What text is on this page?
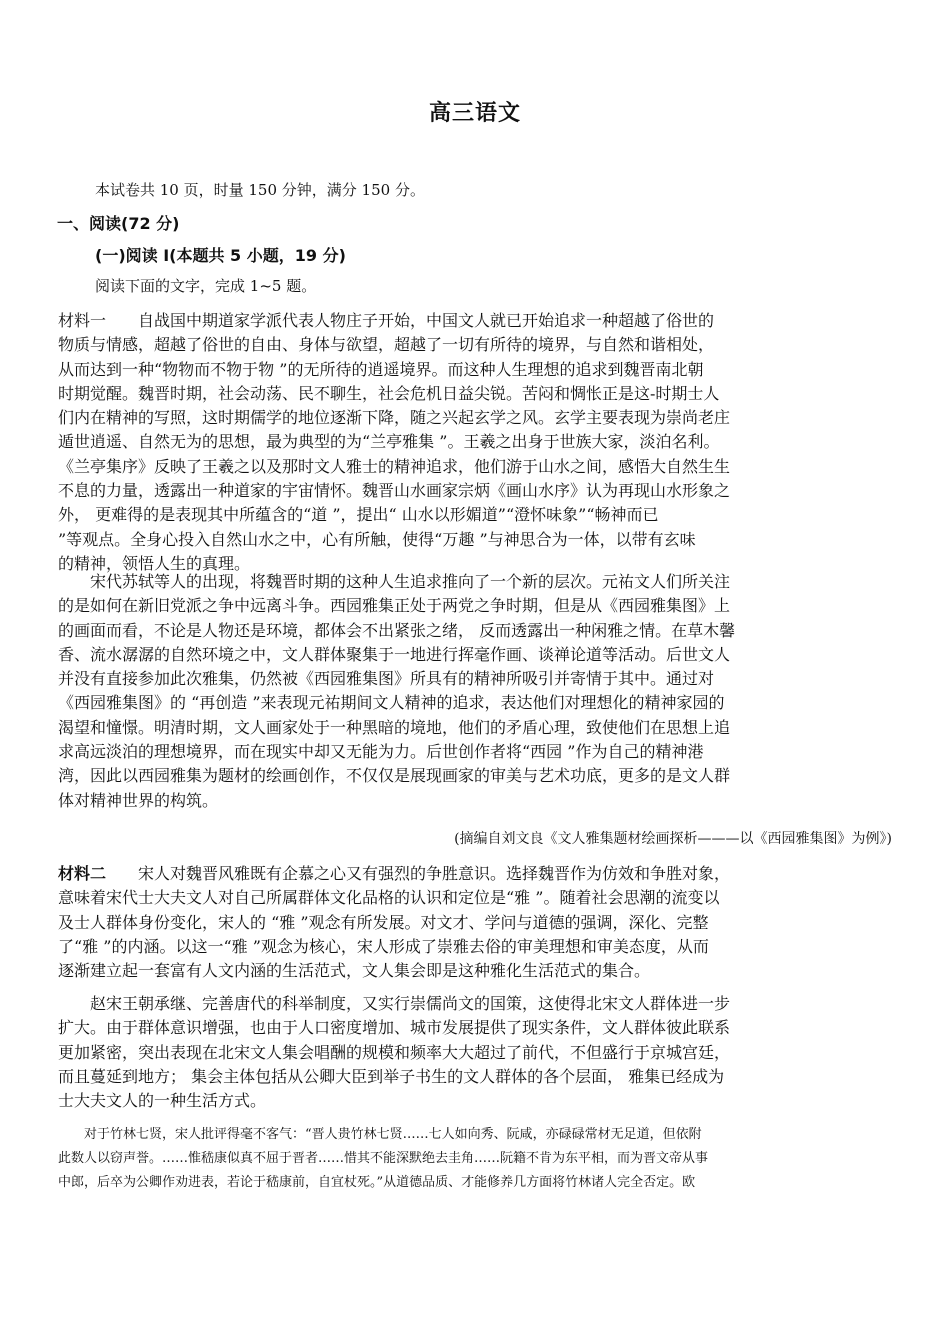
高三语文

本试卷共 10 页，时量 150 分钟，满分 150 分。

一、阅读(72 分)

(一)阅读 Ⅰ(本题共 5 小题，19 分)

阅读下面的文字，完成 1~5 题。

材料一　　自战国中期道家学派代表人物庄子开始，中国文人就已开始追求一种超越了俗世的
物质与情感，超越了俗世的自由、身体与欲望，超越了一切有所待的境界，与自然和谐相处，
从而达到一种“物物而不物于物 ”的无所待的逍遥境界。而这种人生理想的追求到魏晋南北朝
时期觉醒。魏晋时期，社会动荡、民不聊生，社会危机日益尖锐。苦闷和惆怅正是这-时期士人
们内在精神的写照，这时期儒学的地位逐渐下降，随之兴起玄学之风。玄学主要表现为崇尚老庄
遁世逍遥、自然无为的思想，最为典型的为“兰亭雅集 ”。王羲之出身于世族大家，淡泊名利。
《兰亭集序》反映了王羲之以及那时文人雅士的精神追求，他们游于山水之间，感悟大自然生生
不息的力量，透露出一种道家的宇宙情怀。魏晋山水画家宗炳《画山水序》认为再现山水形象之
外， 更难得的是表现其中所蕴含的“道 ”，提出“ 山水以形媚道”“澄怀味象”“畅神而已
”等观点。全身心投入自然山水之中，心有所触，使得“万趣 ”与神思合为一体，以带有玄味
的精神，领悟人生的真理。
　　宋代苏轼等人的出现，将魏晋时期的这种人生追求推向了一个新的层次。元祐文人们所关注
的是如何在新旧党派之争中远离斗争。西园雅集正处于两党之争时期，但是从《西园雅集图》上
的画面而看，不论是人物还是环境，都体会不出紧张之绪， 反而透露出一种闲雅之情。在草木馨
香、流水潺潺的自然环境之中，文人群体聚集于一地进行挥毫作画、谈禅论道等活动。后世文人
并没有直接参加此次雅集，仍然被《西园雅集图》所具有的精神所吸引并寄情于其中。通过对
《西园雅集图》的 “再创造 ”来表现元祐期间文人精神的追求，表达他们对理想化的精神家园的
渴望和憧憬。明清时期，文人画家处于一种黑暗的境地，他们的矛盾心理，致使他们在思想上追
求高远淡泊的理想境界，而在现实中却又无能为力。后世创作者将“西园 ”作为自己的精神港
湾，因此以西园雅集为题材的绘画创作，不仅仅是展现画家的审美与艺术功底，更多的是文人群
体对精神世界的构筑。

(摘编自刘文良《文人雅集题材绘画探析———以《西园雅集图》为例》)

材料二　　宋人对魏晋风雅既有企慕之心又有强烈的争胜意识。选择魏晋作为仿效和争胜对象，
意味着宋代士大夫文人对自己所属群体文化品格的认识和定位是“雅 ”。随着社会思潮的流变以
及士人群体身份变化，宋人的 “雅 ”观念有所发展。对文才、学问与道德的强调，深化、完整
了“雅 ”的内涵。以这一“雅 ”观念为核心，宋人形成了崇雅去俗的审美理想和审美态度，从而
逐渐建立起一套富有人文内涵的生活范式，文人集会即是这种雅化生活范式的集合。
　　赵宋王朝承继、完善唐代的科举制度，又实行崇儒尚文的国策，这使得北宋文人群体进一步
扩大。由于群体意识增强，也由于人口密度增加、城市发展提供了现实条件，文人群体彼此联系
更加紧密，突出表现在北宋文人集会唱酬的规模和频率大大超过了前代，不但盛行于京城宫廷，
而且蔓延到地方； 集会主体包括从公卿大臣到举子书生的文人群体的各个层面， 雅集已经成为
士大夫文人的一种生活方式。
　　对于竹林七贤，宋人批评得毫不客气：“晋人贵竹林七贤……七人如向秀、阮咸，亦碌碌常材无足道，但依附
此数人以窃声誉。……惟嵇康似真不屈于晋者……惜其不能深默绝去圭角……阮籍不肯为东平相，而为晋文帝从事
中郎，后卒为公卿作劝进表，若论于嵇康前，自宜杖死。”从道德品质、才能修养几方面将竹林诸人完全否定。欧
